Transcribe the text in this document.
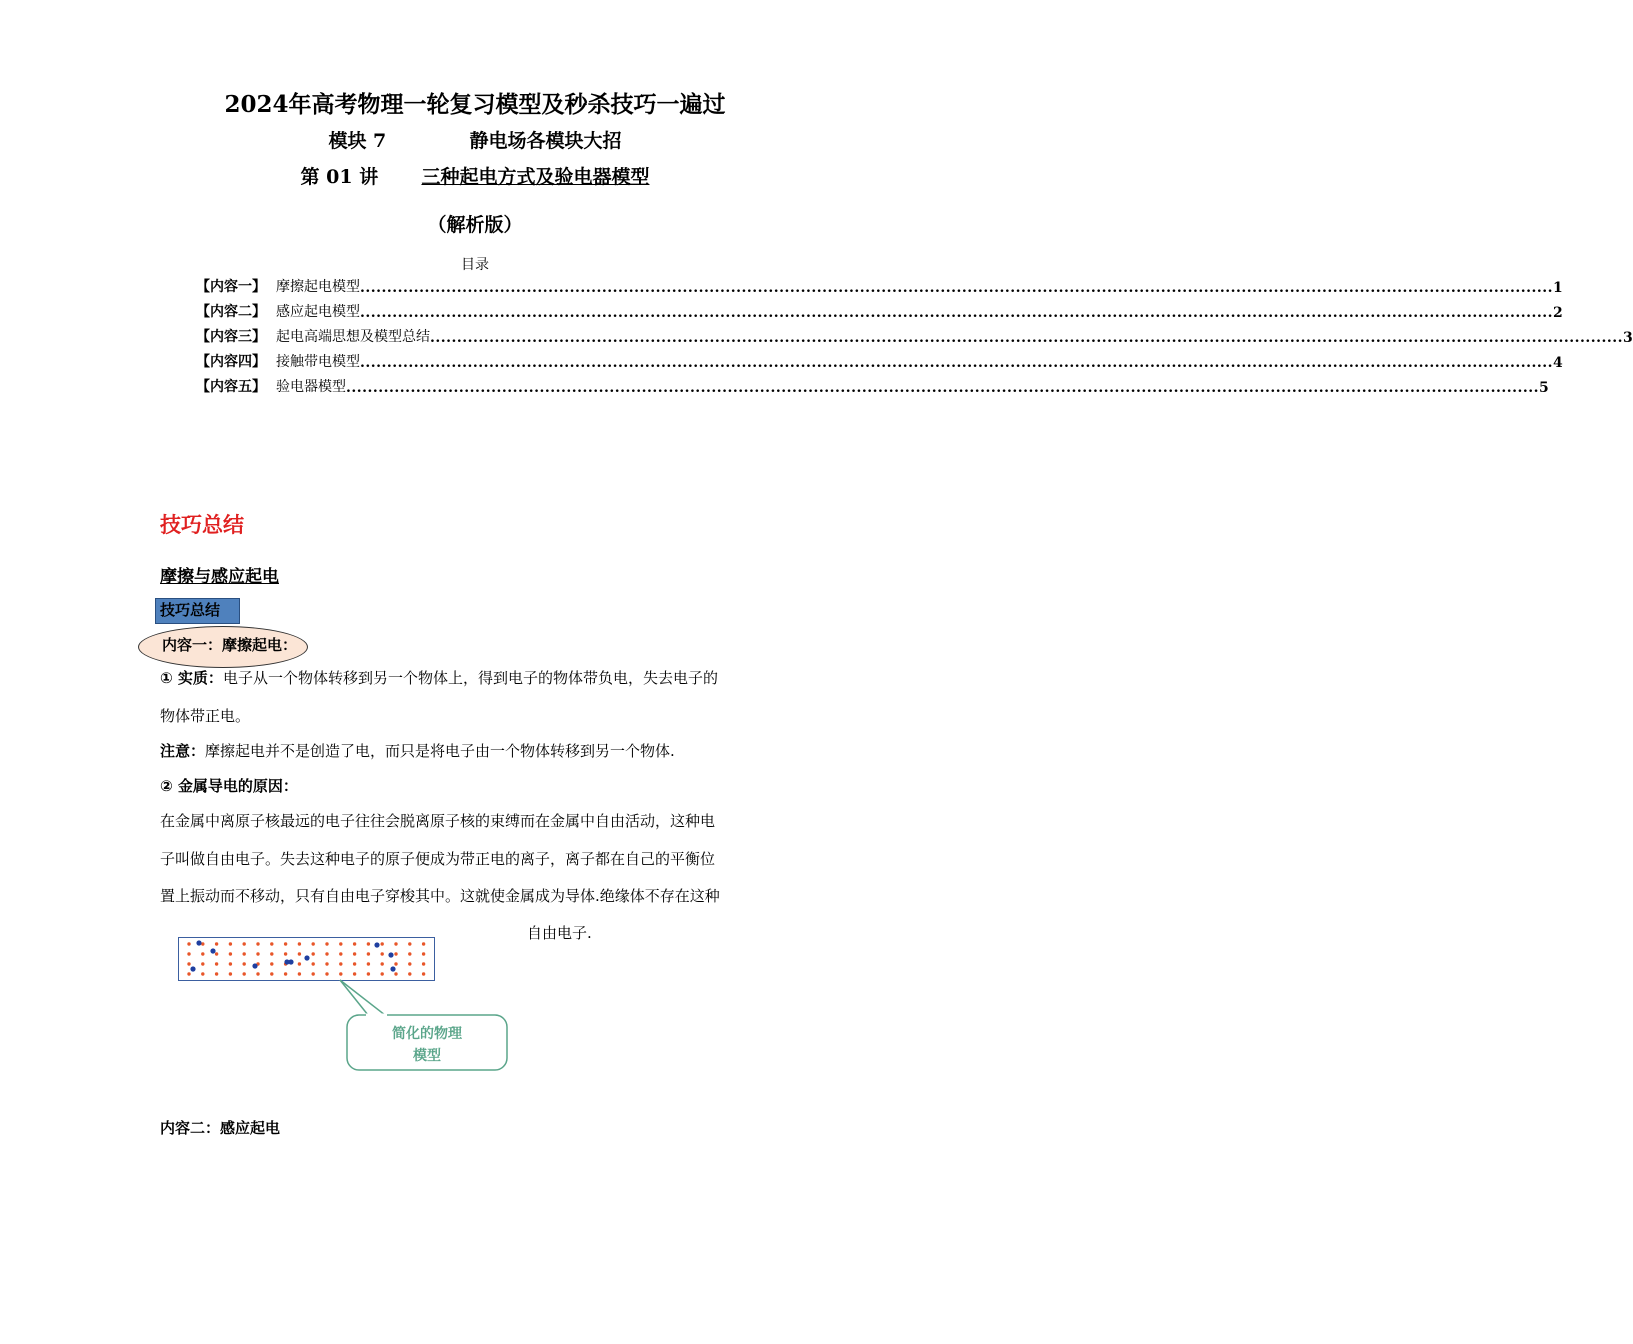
2024年高考物理一轮复习模型及秒杀技巧一遍过
模块 7	静电场各模块大招
第 01 讲 三种起电方式及验电器模型
（解析版）
目录
【内容一】 摩擦起电模型 .............................................................................................................................................................................................................................. 1
【内容二】 感应起电模型 .............................................................................................................................................................................................................................. 2
【内容三】 起电高端思想及模型总结 .............................................................................................................................................................................................................................. 3
【内容四】 接触带电模型 .............................................................................................................................................................................................................................. 4
【内容五】 验电器模型 .............................................................................................................................................................................................................................. 5
技巧总结
摩擦与感应起电
技巧总结
内容一：摩擦起电：
① 实质：电子从一个物体转移到另一个物体上，得到电子的物体带负电，失去电子的
物体带正电。
注意：摩擦起电并不是创造了电，而只是将电子由一个物体转移到另一个物体.
② 金属导电的原因：
在金属中离原子核最远的电子往往会脱离原子核的束缚而在金属中自由活动，这种电
子叫做自由电子。失去这种电子的原子便成为带正电的离子，离子都在自己的平衡位
置上振动而不移动，只有自由电子穿梭其中。这就使金属成为导体.绝缘体不存在这种
自由电子.
简化的物理
模型
内容二：感应起电
